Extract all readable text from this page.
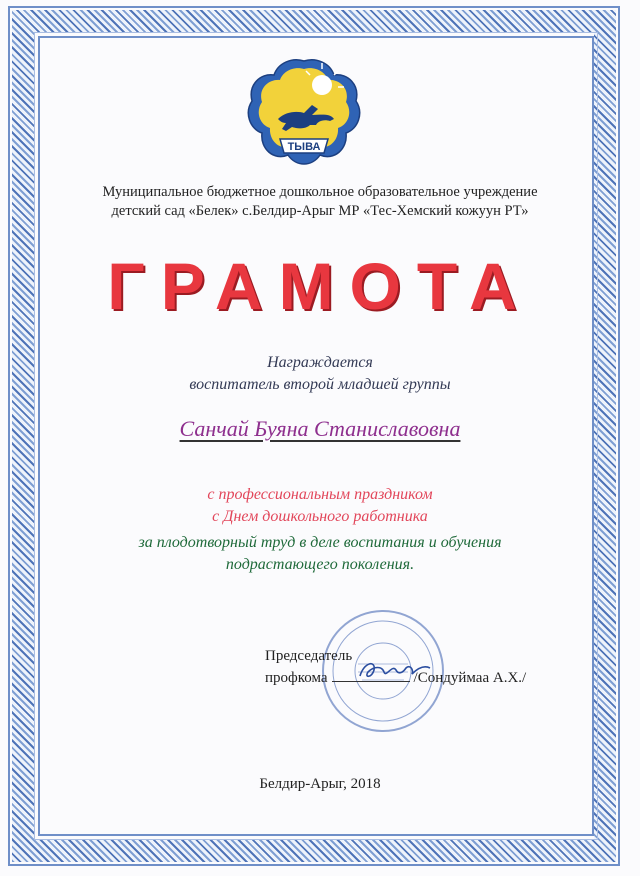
ТЫВА
Муниципальное бюджетное дошкольное образовательное учреждение
детский сад «Белек» с.Белдир-Арыг МР «Тес-Хемский кожуун РТ»
ГРАМОТА
Награждается
воспитатель второй младшей группы
Санчай Буяна Станиславовна
с профессиональным праздником
с Днем дошкольного работника
за плодотворный труд в деле воспитания и обучения
подрастающего поколения.
Председатель
профкома	/Сондуймаа А.Х./
Белдир-Арыг, 2018
